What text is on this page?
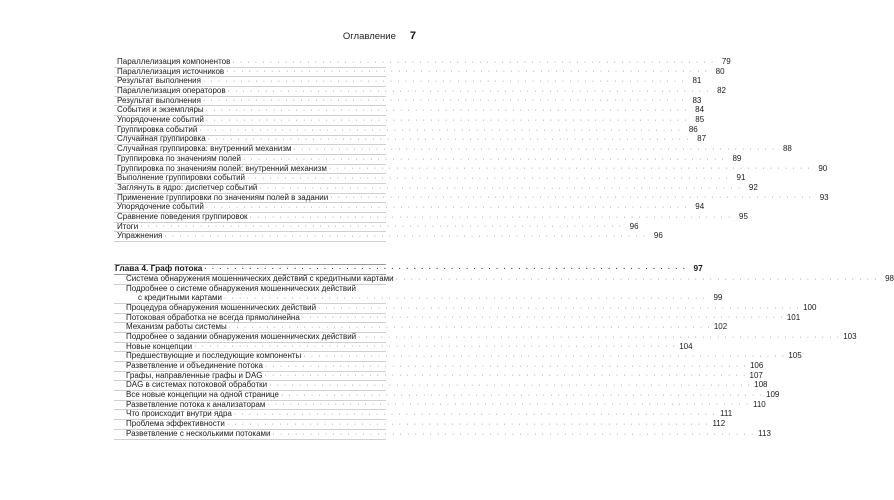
Оглавление 7
Параллелизация компонентов · · · · · · · · · · · · · · · · · · · · · · · · · · · · · · · · · · · · · · · · · · · · · · · · · · · · · · · · · · · · · · · · · 79
Параллелизация источников · · · · · · · · · · · · · · · · · · · · · · · · · · · · · · · · · · · · · · · · · · · · · · · · · · · · · · · · · · · · · · · · · 80
Результат выполнения · · · · · · · · · · · · · · · · · · · · · · · · · · · · · · · · · · · · · · · · · · · · · · · · · · · · · · · · · · · · · · · · · 81
Параллелизация операторов · · · · · · · · · · · · · · · · · · · · · · · · · · · · · · · · · · · · · · · · · · · · · · · · · · · · · · · · · · · · · · · · · 82
Результат выполнения · · · · · · · · · · · · · · · · · · · · · · · · · · · · · · · · · · · · · · · · · · · · · · · · · · · · · · · · · · · · · · · · · 83
События и экземпляры · · · · · · · · · · · · · · · · · · · · · · · · · · · · · · · · · · · · · · · · · · · · · · · · · · · · · · · · · · · · · · · · · 84
Упорядочение событий · · · · · · · · · · · · · · · · · · · · · · · · · · · · · · · · · · · · · · · · · · · · · · · · · · · · · · · · · · · · · · · · · 85
Группировка событий · · · · · · · · · · · · · · · · · · · · · · · · · · · · · · · · · · · · · · · · · · · · · · · · · · · · · · · · · · · · · · · · · 86
Случайная группировка · · · · · · · · · · · · · · · · · · · · · · · · · · · · · · · · · · · · · · · · · · · · · · · · · · · · · · · · · · · · · · · · · 87
Случайная группировка: внутренний механизм · · · · · · · · · · · · · · · · · · · · · · · · · · · · · · · · · · · · · · · · · · · · · · · · · · · · · · · · · · · · · · · · · 88
Группировка по значениям полей · · · · · · · · · · · · · · · · · · · · · · · · · · · · · · · · · · · · · · · · · · · · · · · · · · · · · · · · · · · · · · · · · 89
Группировка по значениям полей: внутренний механизм · · · · · · · · · · · · · · · · · · · · · · · · · · · · · · · · · · · · · · · · · · · · · · · · · · · · · · · · · · · · · · · · · 90
Выполнение группировки событий · · · · · · · · · · · · · · · · · · · · · · · · · · · · · · · · · · · · · · · · · · · · · · · · · · · · · · · · · · · · · · · · · 91
Заглянуть в ядро: диспетчер событий · · · · · · · · · · · · · · · · · · · · · · · · · · · · · · · · · · · · · · · · · · · · · · · · · · · · · · · · · · · · · · · · · 92
Применение группировки по значениям полей в задании · · · · · · · · · · · · · · · · · · · · · · · · · · · · · · · · · · · · · · · · · · · · · · · · · · · · · · · · · · · · · · · · · 93
Упорядочение событий · · · · · · · · · · · · · · · · · · · · · · · · · · · · · · · · · · · · · · · · · · · · · · · · · · · · · · · · · · · · · · · · · 94
Сравнение поведения группировок · · · · · · · · · · · · · · · · · · · · · · · · · · · · · · · · · · · · · · · · · · · · · · · · · · · · · · · · · · · · · · · · · 95
Итоги · · · · · · · · · · · · · · · · · · · · · · · · · · · · · · · · · · · · · · · · · · · · · · · · · · · · · · · · · · · · · · · · · 96
Упражнения · · · · · · · · · · · · · · · · · · · · · · · · · · · · · · · · · · · · · · · · · · · · · · · · · · · · · · · · · · · · · · · · · 96
Глава 4. Граф потока · · · · · · · · · · · · · · · · · · · · · · · · · · · · · · · · · · · · · · · · · · · · · · · · · · · · · · · · · · · · · · · · · 97
Система обнаружения мошеннических действий с кредитными картами · · · · · · · · · · · · · · · · · · · · · · · · · · · · · · · · · · · · · · · · · · · · · · · · · · · · · · · · · · · · · · · · · 98
Подробнее о системе обнаружения мошеннических действий
с кредитными картами · · · · · · · · · · · · · · · · · · · · · · · · · · · · · · · · · · · · · · · · · · · · · · · · · · · · · · · · · · · · · · · · · 99
Процедура обнаружения мошеннических действий · · · · · · · · · · · · · · · · · · · · · · · · · · · · · · · · · · · · · · · · · · · · · · · · · · · · · · · · · · · · · · · · · 100
Потоковая обработка не всегда прямолинейна · · · · · · · · · · · · · · · · · · · · · · · · · · · · · · · · · · · · · · · · · · · · · · · · · · · · · · · · · · · · · · · · · 101
Механизм работы системы · · · · · · · · · · · · · · · · · · · · · · · · · · · · · · · · · · · · · · · · · · · · · · · · · · · · · · · · · · · · · · · · · 102
Подробнее о задании обнаружения мошеннических действий · · · · · · · · · · · · · · · · · · · · · · · · · · · · · · · · · · · · · · · · · · · · · · · · · · · · · · · · · · · · · · · · · 103
Новые концепции · · · · · · · · · · · · · · · · · · · · · · · · · · · · · · · · · · · · · · · · · · · · · · · · · · · · · · · · · · · · · · · · · 104
Предшествующие и последующие компоненты · · · · · · · · · · · · · · · · · · · · · · · · · · · · · · · · · · · · · · · · · · · · · · · · · · · · · · · · · · · · · · · · · 105
Разветвление и объединение потока · · · · · · · · · · · · · · · · · · · · · · · · · · · · · · · · · · · · · · · · · · · · · · · · · · · · · · · · · · · · · · · · · 106
Графы, направленные графы и DAG · · · · · · · · · · · · · · · · · · · · · · · · · · · · · · · · · · · · · · · · · · · · · · · · · · · · · · · · · · · · · · · · · 107
DAG в системах потоковой обработки · · · · · · · · · · · · · · · · · · · · · · · · · · · · · · · · · · · · · · · · · · · · · · · · · · · · · · · · · · · · · · · · · 108
Все новые концепции на одной странице · · · · · · · · · · · · · · · · · · · · · · · · · · · · · · · · · · · · · · · · · · · · · · · · · · · · · · · · · · · · · · · · · 109
Разветвление потока к анализаторам · · · · · · · · · · · · · · · · · · · · · · · · · · · · · · · · · · · · · · · · · · · · · · · · · · · · · · · · · · · · · · · · · 110
Что происходит внутри ядра · · · · · · · · · · · · · · · · · · · · · · · · · · · · · · · · · · · · · · · · · · · · · · · · · · · · · · · · · · · · · · · · · 111
Проблема эффективности · · · · · · · · · · · · · · · · · · · · · · · · · · · · · · · · · · · · · · · · · · · · · · · · · · · · · · · · · · · · · · · · · 112
Разветвление с несколькими потоками · · · · · · · · · · · · · · · · · · · · · · · · · · · · · · · · · · · · · · · · · · · · · · · · · · · · · · · · · · · · · · · · · 113
